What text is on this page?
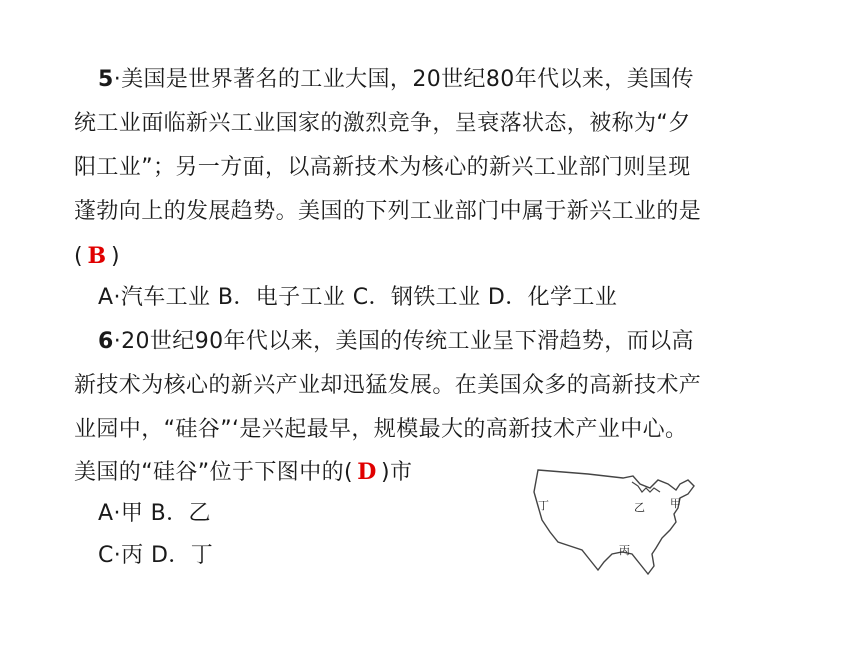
5·美国是世界著名的工业大国，20世纪80年代以来，美国传
统工业面临新兴工业国家的激烈竞争，呈衰落状态，被称为“夕
阳工业”；另一方面，以高新技术为核心的新兴工业部门则呈现
蓬勃向上的发展趋势。美国的下列工业部门中属于新兴工业的是
( B )
A·汽车工业 B．电子工业 C．钢铁工业 D．化学工业
6·20世纪90年代以来，美国的传统工业呈下滑趋势，而以高
新技术为核心的新兴产业却迅猛发展。在美国众多的高新技术产
业园中，“硅谷”‘是兴起最早，规模最大的高新技术产业中心。
美国的“硅谷”位于下图中的( D )市
A·甲 B．乙
C·丙 D．丁
丁	乙 甲
丙
